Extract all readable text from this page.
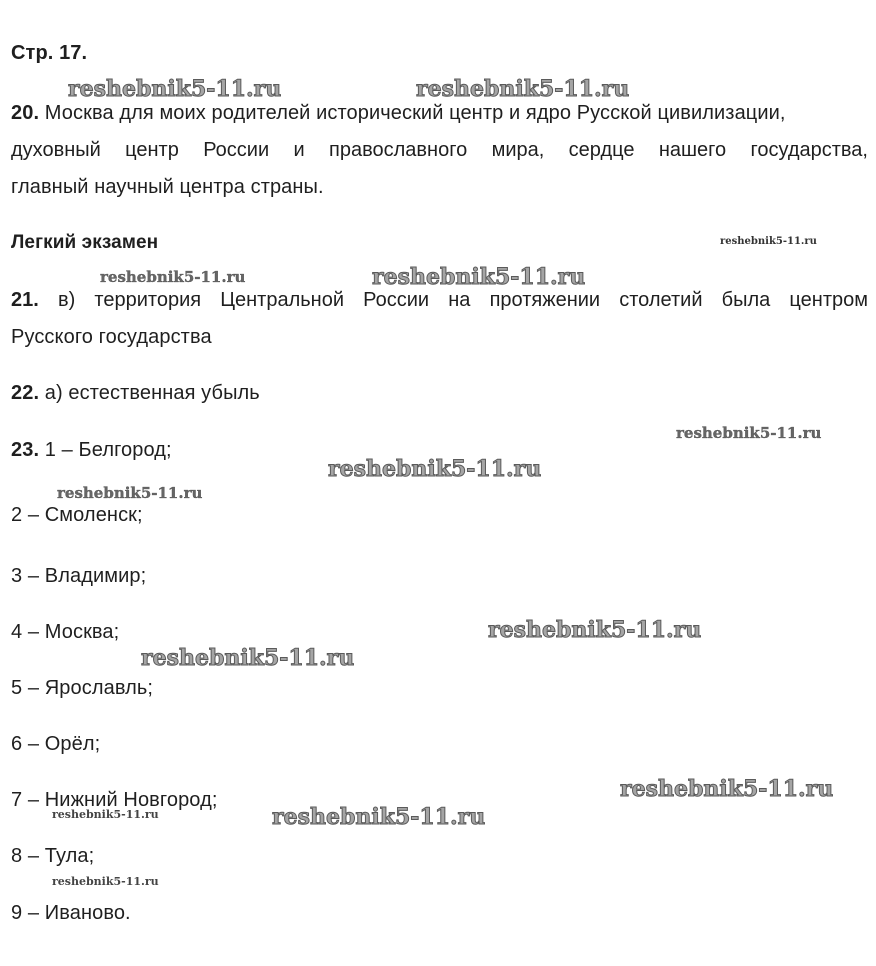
Стр. 17.
reshebnik5-11.ru	reshebnik5-11.ru
20. Москва для моих родителей исторический центр и ядро Русской цивилизации,
духовный центр России и православного мира, сердце нашего государства,
главный научный центра страны.
Легкий экзамен	reshebnik5-11.ru
reshebnik5-11.ru	reshebnik5-11.ru
21. в) территория Центральной России на протяжении столетий была центром
Русского государства
22. а) естественная убыль
reshebnik5-11.ru
23. 1 – Белгород;
reshebnik5-11.ru
reshebnik5-11.ru
2 – Смоленск;
3 – Владимир;
reshebnik5-11.ru
4 – Москва;
reshebnik5-11.ru
5 – Ярославль;
6 – Орёл;
reshebnik5-11.ru
7 – Нижний Новгород;
reshebnik5-11.ru	reshebnik5-11.ru
8 – Тула;
reshebnik5-11.ru
9 – Иваново.
